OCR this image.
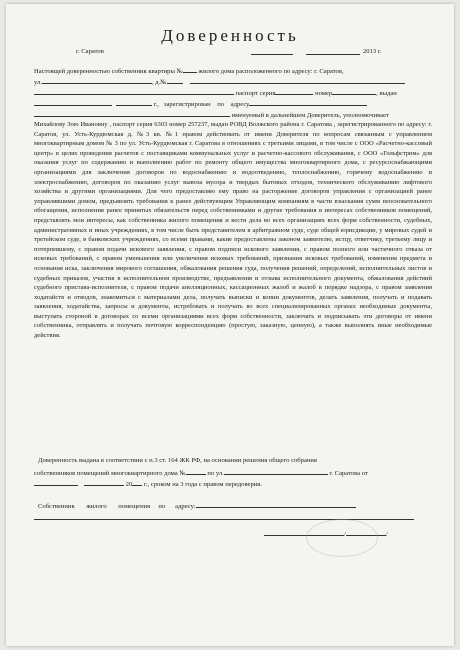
Доверенность
г. Саратов	2013 г.
Настоящей доверенностью собственник квартиры № жилого дома расположенного по адресу: г. Саратов,
ул.	, д.№
паспорт серия	номер	, выдан
г., зарегистрирован по адресу
именуемый в дальнейшем Доверитель, уполномочивает
Михайлову Зою Ивановну , паспорт серия 6303 номер 257237, выдан РОВД Волжского района г. Саратова , зарегистрированного по адресу: г. Саратов, ул. Усть-Курдюмская д. №3 кв. №1 правом действовать от имени Доверителя по вопросам связанным с управлением многоквартирным домом № 3 по ул. Усть-Курдюмская г. Саратова в отношениях с третьими лицами, в том числе с ООО «Расчетно-кассовый центр» в целях проведения расчетов с поставщиками коммунальных услуг и расчетно-кассового обслуживания, с ООО «Гольфстрим» для оказания услуг по содержанию и выполнению работ по ремонту общего имущества многоквартирного дома, с ресурсоснабжающими организациями для заключения договоров по водоснабжению и водоотведению, теплоснабжению, горячему водоснабжению и электроснабжению, договоров по оказанию услуг вывоза мусора и твердых бытовых отходов, технического обслуживанию лифтового хозяйства и другими организациями. Для чего предоставляю ему право на расторжение договоров управления с организацией ранее управлявшими домом, предъявлять требования к ранее действующим Управляющим компаниям в части взыскания сумм неосновательного обогащения, исполнения ранее принятых обязательств перед собственниками и другие требования в интересах собственников помещений, представлять мои интересы, как собственника жилого помещения и вести дела во всех организациях всех форм собственности, судебных, административных и иных учреждениях, в том числе быть представителем в арбитражном суде, суде общей юрисдикции, у мировых судей и третейском суде, в банковских учреждениях, со всеми правами, какие предоставлены законом заявителю, истцу, ответчику, третьему лицу и потерпевшему, с правом подачи искового заявления, с правом подписи искового заявления, с правом полного или частичного отказа от исковых требований, с правом уменьшения или увеличения исковых требований, признания исковых требований, изменения предмета и основания иска, заключения мирового соглашения, обжалования решения суда, получения решений, определений, исполнительных листов и судебных приказов, участия в исполнительном производстве, предъявления и отзыва исполнительного документа, обжалования действий судебного пристава-исполнителя, с правом подачи апелляционных, кассационных жалоб и жалоб в порядке надзора, с правом заявления ходатайств и отводов, знакомиться с материалами дела, получать выписки и копии документов, делать заявления, получать и подавать заявления, ходатайства, запросы и документы, истребовать и получать во всех специализированных органах необходимые документы, выступать стороной в договорах со всеми организациями всех форм собственности, заключать и подписывать эти договоры от имени собственника, отправлять и получать почтовую корреспонденцию (простую, заказную, ценную), а также выполнять иные необходимые действия.
Доверенность выдана в соответствии с п.3 ст. 164 ЖК РФ, на основании решения общего собрания
собственников помещений многоквартирного дома №	по ул.	г. Саратова от
20 г., сроком на 3 года с правом передоверия.
Собственник жилого помещения по адресу:
/	/
